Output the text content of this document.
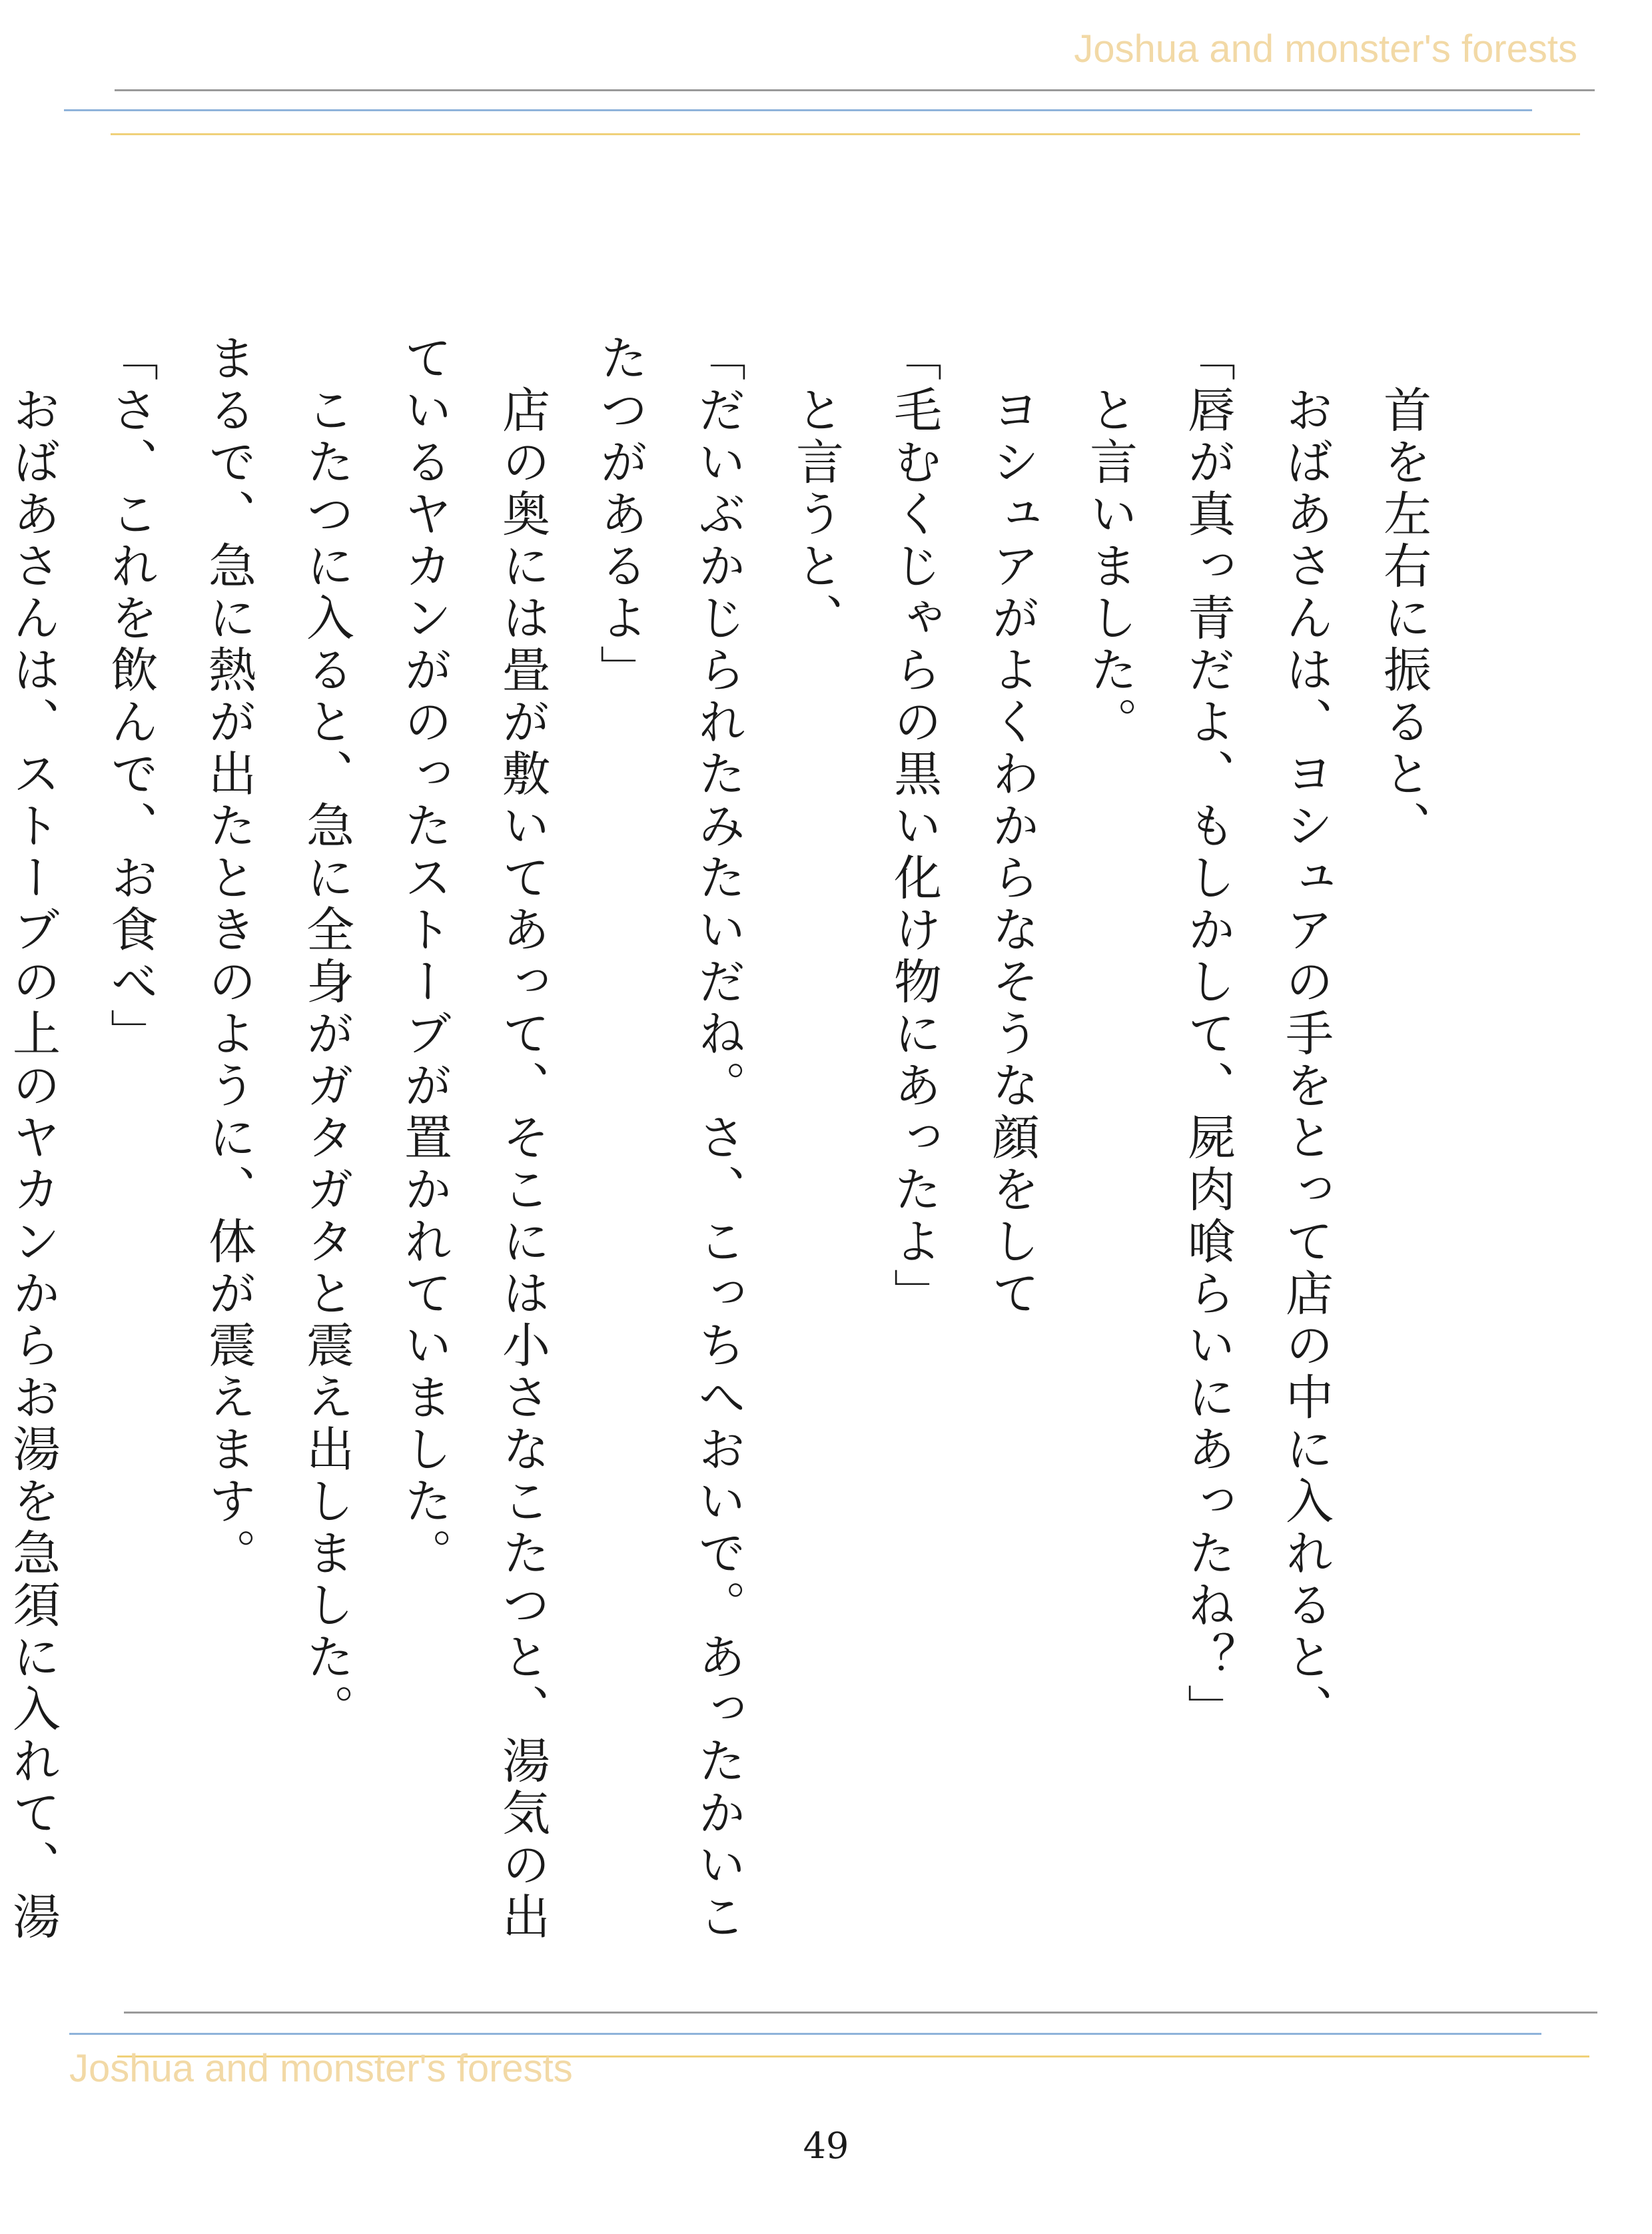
Joshua and monster's forests

　首を左右に振ると、

　おばあさんは、ヨシュアの手をとって店の中に入れると、

「唇が真っ青だよ、もしかして、屍肉喰らいにあったね？」

　と言いました。

　ヨシュアがよくわからなそうな顔をして

「毛むくじゃらの黒い化け物にあったよ」

　と言うと、

「だいぶかじられたみたいだね。さ、こっちへおいで。あったかいこたつがあるよ」

　店の奥には畳が敷いてあって、そこには小さなこたつと、湯気の出ているヤカンがのったストーブが置かれていました。

　こたつに入ると、急に全身がガタガタと震え出しました。

まるで、急に熱が出たときのように、体が震えます。

「さ、これを飲んで、お食べ」

　おばあさんは、ストーブの上のヤカンからお湯を急須に入れて、湯

Joshua and monster's forests
49
